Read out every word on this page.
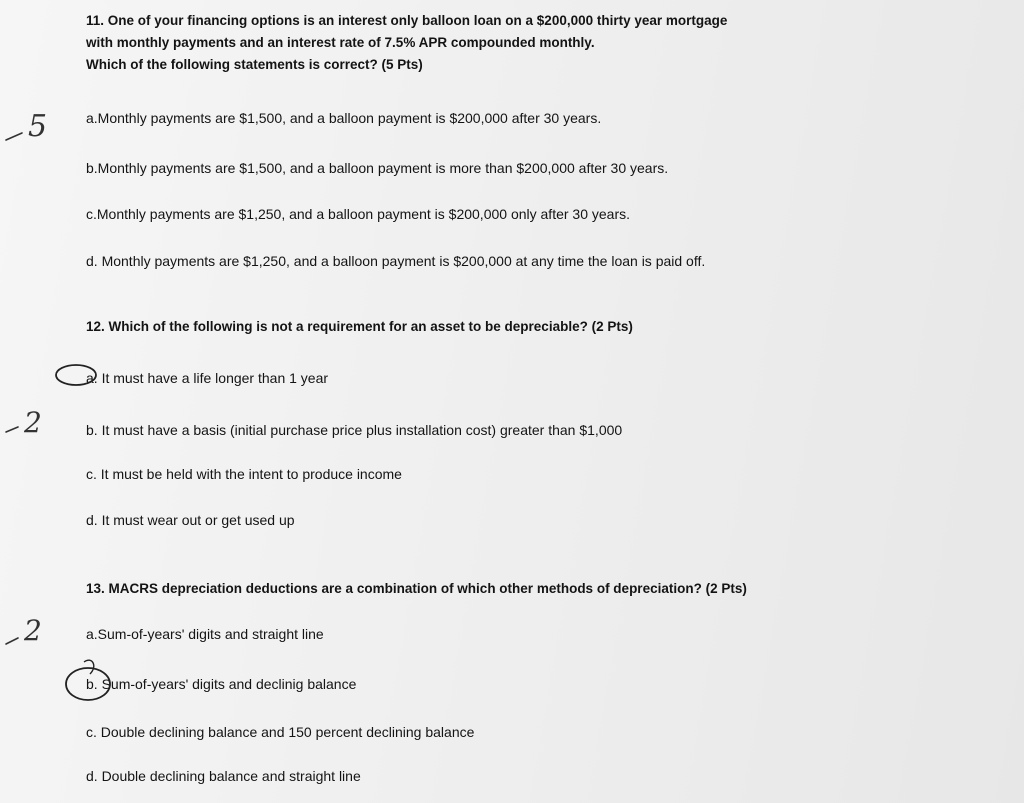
11. One of your financing options is an interest only balloon loan on a $200,000 thirty year mortgage
with monthly payments and an interest rate of 7.5% APR compounded monthly.
Which of the following statements is correct? (5 Pts)
a.Monthly payments are $1,500, and a balloon payment is $200,000 after 30 years.
b.Monthly payments are $1,500, and a balloon payment is more than $200,000 after 30 years.
c.Monthly payments are $1,250, and a balloon payment is $200,000 only after 30 years.
d. Monthly payments are $1,250, and a balloon payment is $200,000 at any time the loan is paid off.
5
12. Which of the following is not a requirement for an asset to be depreciable? (2 Pts)
a. It must have a life longer than 1 year
b. It must have a basis (initial purchase price plus installation cost) greater than $1,000
c. It must be held with the intent to produce income
d. It must wear out or get used up
2
13. MACRS depreciation deductions are a combination of which other methods of depreciation? (2 Pts)
a.Sum-of-years' digits and straight line
b. Sum-of-years' digits and declinig balance
c. Double declining balance and 150 percent declining balance
d. Double declining balance and straight line
2
